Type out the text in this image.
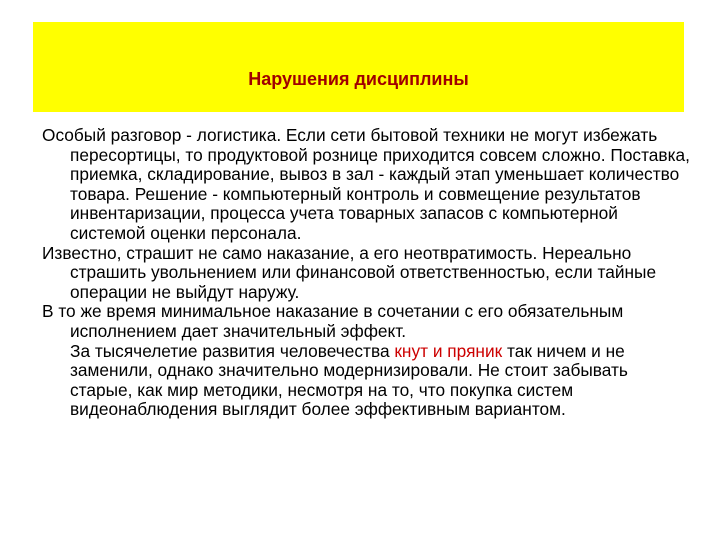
Нарушения дисциплины

Особый разговор - логистика. Если сети бытовой техники не могут избежать пересортицы, то продуктовой рознице приходится совсем сложно. Поставка, приемка, складирование, вывоз в зал - каждый этап уменьшает количество товара. Решение - компьютерный контроль и совмещение результатов инвентаризации, процесса учета товарных запасов с компьютерной системой оценки персонала.

Известно, страшит не само наказание, а его неотвратимость. Нереально страшить увольнением или финансовой ответственностью, если тайные операции не выйдут наружу.

В то же время минимальное наказание в сочетании с его обязательным исполнением дает значительный эффект.
За тысячелетие развития человечества кнут и пряник так ничем и не заменили, однако значительно модернизировали. Не стоит забывать старые, как мир методики, несмотря на то, что покупка систем видеонаблюдения выглядит более эффективным вариантом.
